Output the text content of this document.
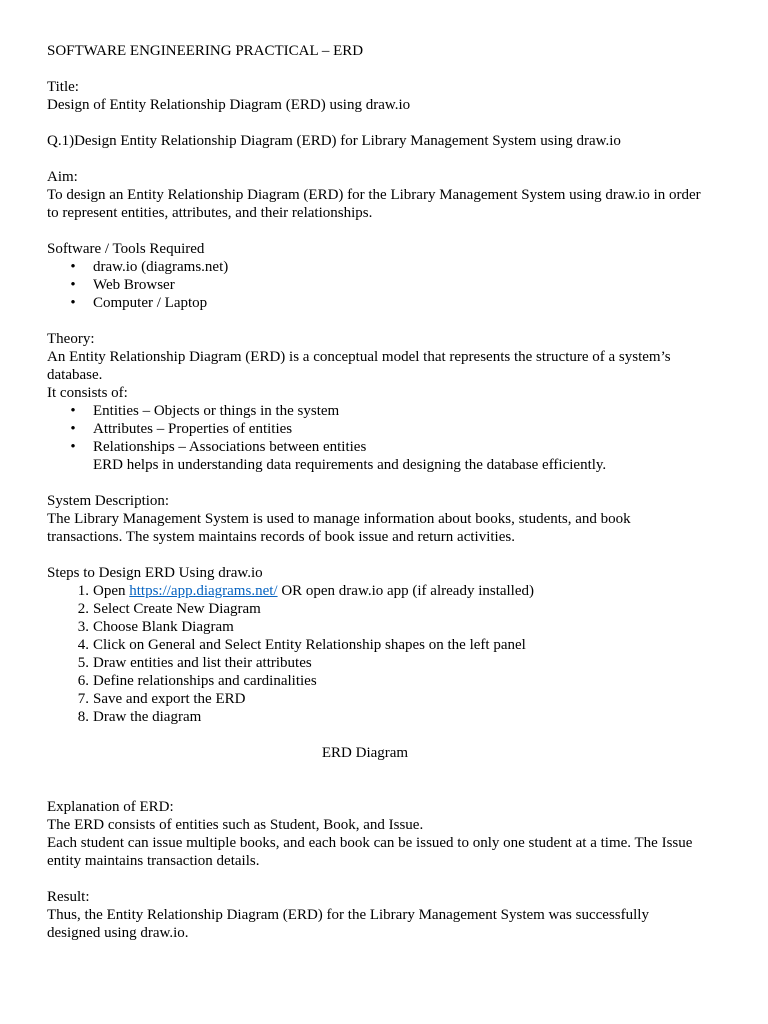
SOFTWARE ENGINEERING PRACTICAL – ERD

Title:

Design of Entity Relationship Diagram (ERD) using draw.io

Q.1)Design Entity Relationship Diagram (ERD) for Library Management System using draw.io

Aim:

To design an Entity Relationship Diagram (ERD) for the Library Management System using draw.io in order

to represent entities, attributes, and their relationships.

Software / Tools Required

• draw.io (diagrams.net)
• Web Browser
• Computer / Laptop

Theory:

An Entity Relationship Diagram (ERD) is a conceptual model that represents the structure of a system’s

database.

It consists of:

• Entities – Objects or things in the system
• Attributes – Properties of entities
• Relationships – Associations between entities

ERD helps in understanding data requirements and designing the database efficiently.

System Description:

The Library Management System is used to manage information about books, students, and book

transactions. The system maintains records of book issue and return activities.

Steps to Design ERD Using draw.io

1. Open https://app.diagrams.net/ OR open draw.io app (if already installed)
2. Select Create New Diagram
3. Choose Blank Diagram
4. Click on General and Select Entity Relationship shapes on the left panel
5. Draw entities and list their attributes
6. Define relationships and cardinalities
7. Save and export the ERD
8. Draw the diagram

ERD Diagram

Explanation of ERD:

The ERD consists of entities such as Student, Book, and Issue.

Each student can issue multiple books, and each book can be issued to only one student at a time. The Issue

entity maintains transaction details.

Result:

Thus, the Entity Relationship Diagram (ERD) for the Library Management System was successfully

designed using draw.io.
